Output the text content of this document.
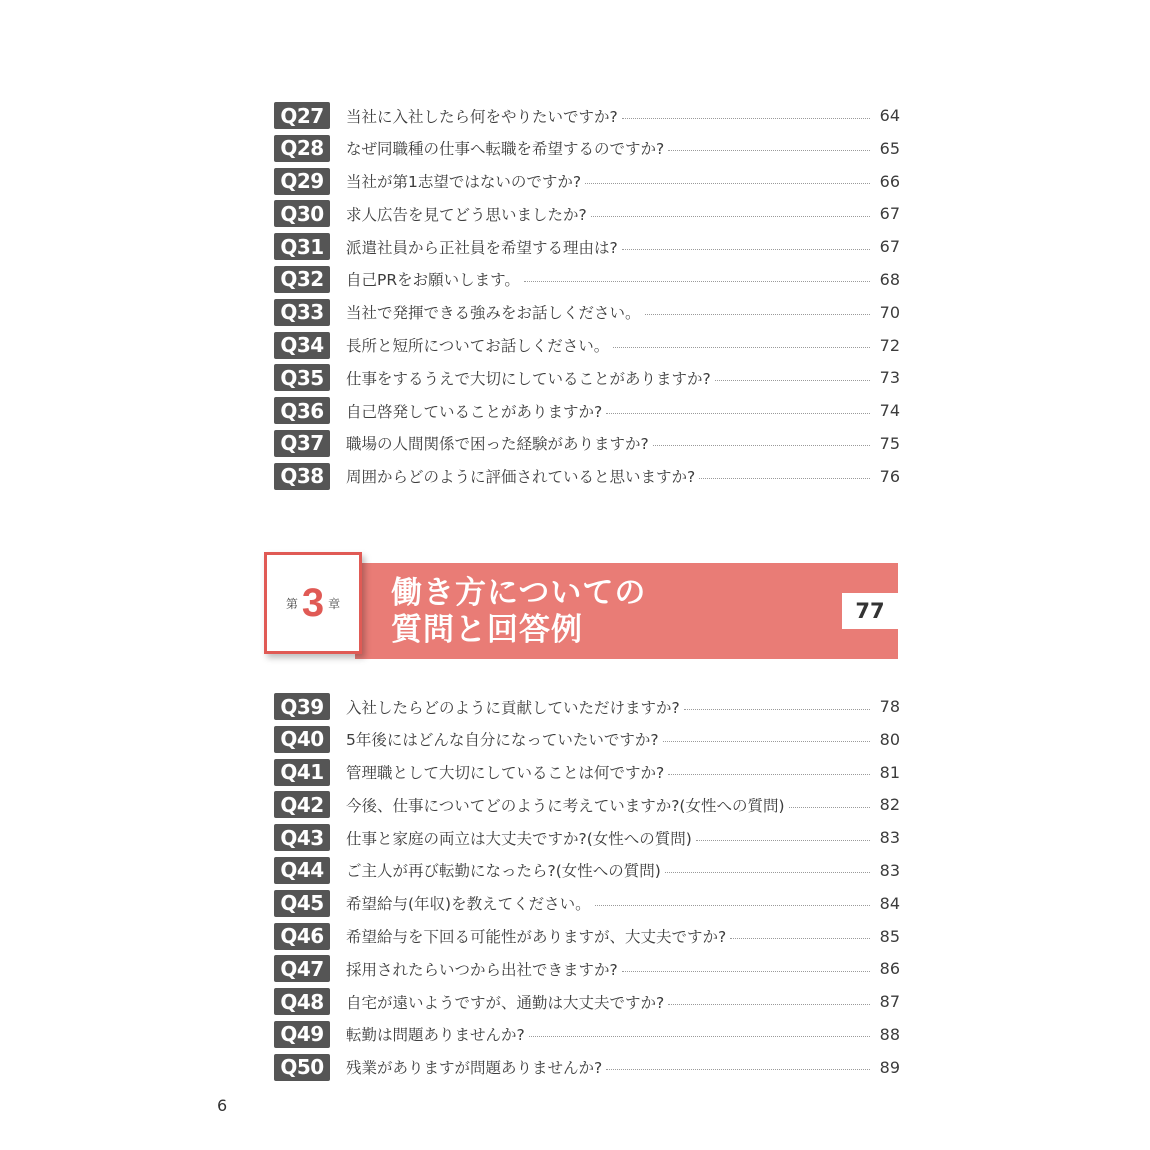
Q27	当社に入社したら何をやりたいですか?	64
Q28	なぜ同職種の仕事へ転職を希望するのですか?	65
Q29	当社が第1志望ではないのですか?	66
Q30	求人広告を見てどう思いましたか?	67
Q31	派遣社員から正社員を希望する理由は?	67
Q32	自己PRをお願いします。	68
Q33	当社で発揮できる強みをお話しください。	70
Q34	長所と短所についてお話しください。	72
Q35	仕事をするうえで大切にしていることがありますか?	73
Q36	自己啓発していることがありますか?	74
Q37	職場の人間関係で困った経験がありますか?	75
Q38	周囲からどのように評価されていると思いますか?	76
働き方についての
質問と回答例
77
第 3 章
Q39	入社したらどのように貢献していただけますか?	78
Q40	5年後にはどんな自分になっていたいですか?	80
Q41	管理職として大切にしていることは何ですか?	81
Q42	今後、仕事についてどのように考えていますか?(女性への質問)	82
Q43	仕事と家庭の両立は大丈夫ですか?(女性への質問)	83
Q44	ご主人が再び転勤になったら?(女性への質問)	83
Q45	希望給与(年収)を教えてください。	84
Q46	希望給与を下回る可能性がありますが、大丈夫ですか?	85
Q47	採用されたらいつから出社できますか?	86
Q48	自宅が遠いようですが、通勤は大丈夫ですか?	87
Q49	転勤は問題ありませんか?	88
Q50	残業がありますが問題ありませんか?	89
6
